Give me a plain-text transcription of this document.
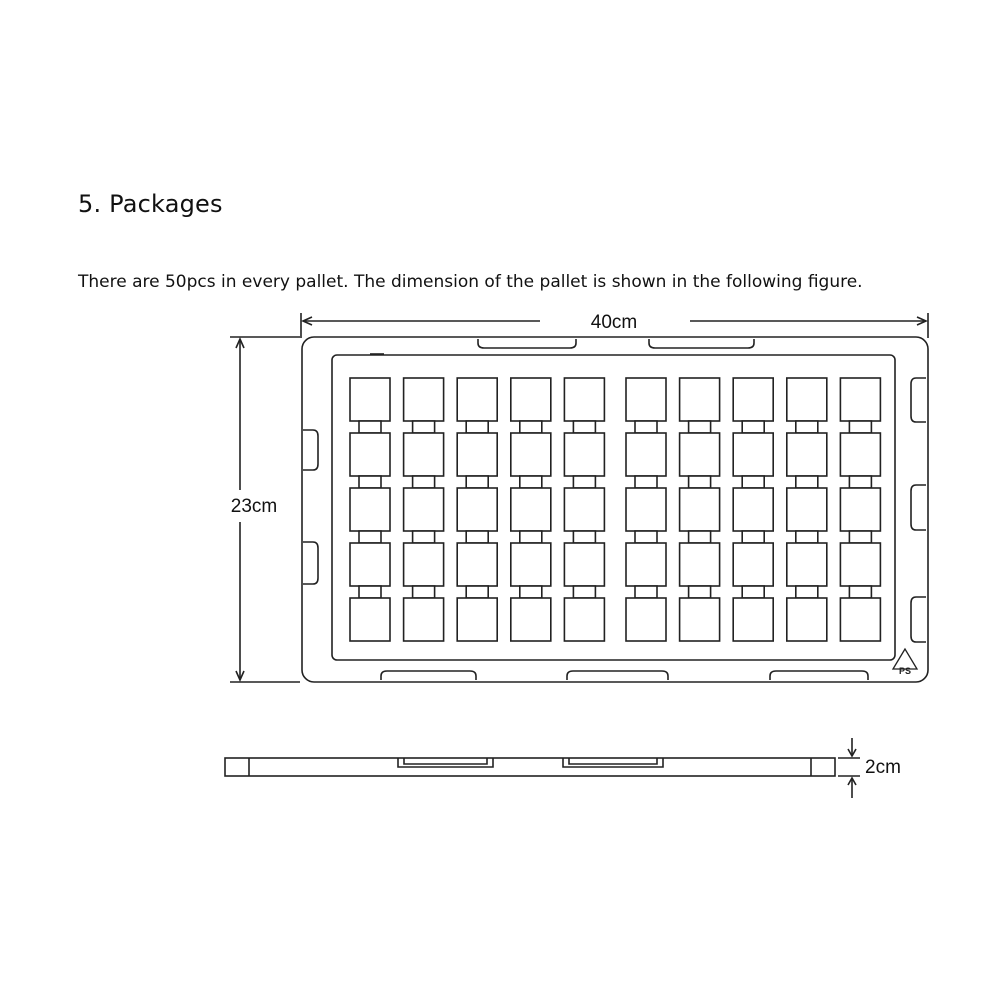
5. Packages
There are 50pcs in every pallet. The dimension of the pallet is shown in the following figure.
PS
40cm
23cm
2cm
